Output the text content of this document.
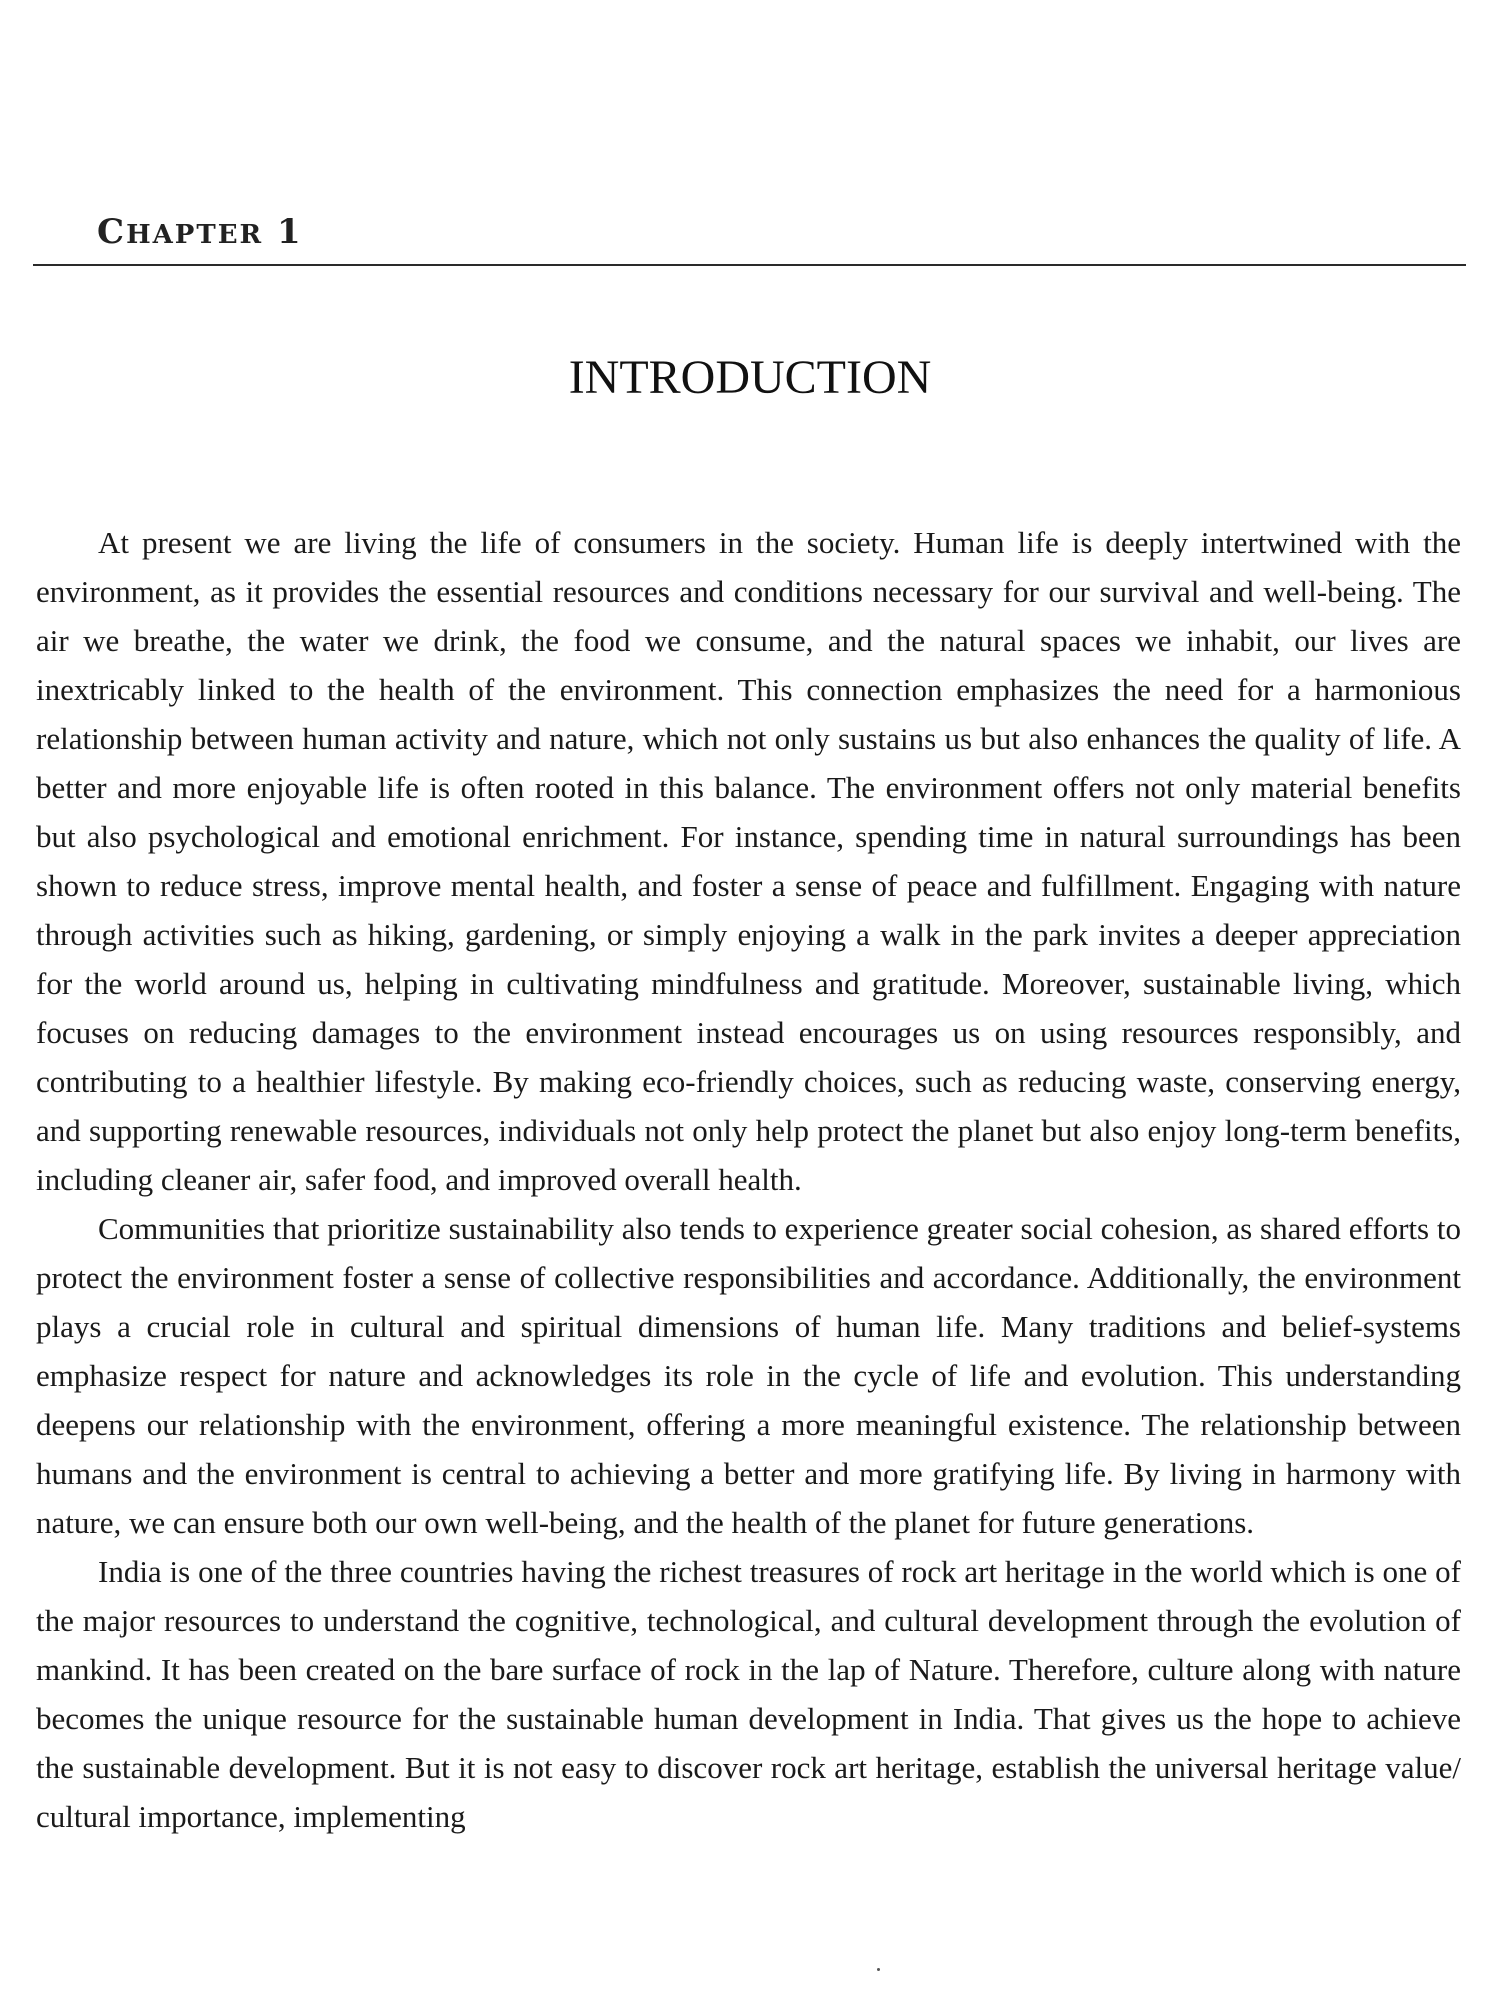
CHAPTER 1
INTRODUCTION

At present we are living the life of consumers in the society. Human life is deeply intertwined with the environment, as it provides the essential resources and conditions necessary for our survival and well-being. The air we breathe, the water we drink, the food we consume, and the natural spaces we inhabit, our lives are inextricably linked to the health of the environment. This connection emphasizes the need for a harmonious relationship between human activity and nature, which not only sustains us but also enhances the quality of life. A better and more enjoyable life is often rooted in this balance. The environment offers not only material benefits but also psychological and emotional enrichment. For instance, spending time in natural surroundings has been shown to reduce stress, improve mental health, and foster a sense of peace and fulfillment. Engaging with nature through activities such as hiking, gardening, or simply enjoying a walk in the park invites a deeper appreciation for the world around us, helping in cultivating mindfulness and gratitude. Moreover, sustainable living, which focuses on reducing damages to the environment instead encourages us on using resources responsibly, and contributing to a healthier lifestyle. By making eco-friendly choices, such as reducing waste, conserving energy, and supporting renewable resources, individuals not only help protect the planet but also enjoy long-term benefits, including cleaner air, safer food, and improved overall health.

Communities that prioritize sustainability also tends to experience greater social cohesion, as shared efforts to protect the environment foster a sense of collective responsibilities and accordance. Additionally, the environment plays a crucial role in cultural and spiritual dimensions of human life. Many traditions and belief-systems emphasize respect for nature and acknowledges its role in the cycle of life and evolution. This understanding deepens our relationship with the environment, offering a more meaningful existence. The relationship between humans and the environment is central to achieving a better and more gratifying life. By living in harmony with nature, we can ensure both our own well-being, and the health of the planet for future generations.

India is one of the three countries having the richest treasures of rock art heritage in the world which is one of the major resources to understand the cognitive, technological, and cultural development through the evolution of mankind. It has been created on the bare surface of rock in the lap of Nature. Therefore, culture along with nature becomes the unique resource for the sustainable human development in India. That gives us the hope to achieve the sustainable development. But it is not easy to discover rock art heritage, establish the universal heritage value/ cultural importance, implementing
